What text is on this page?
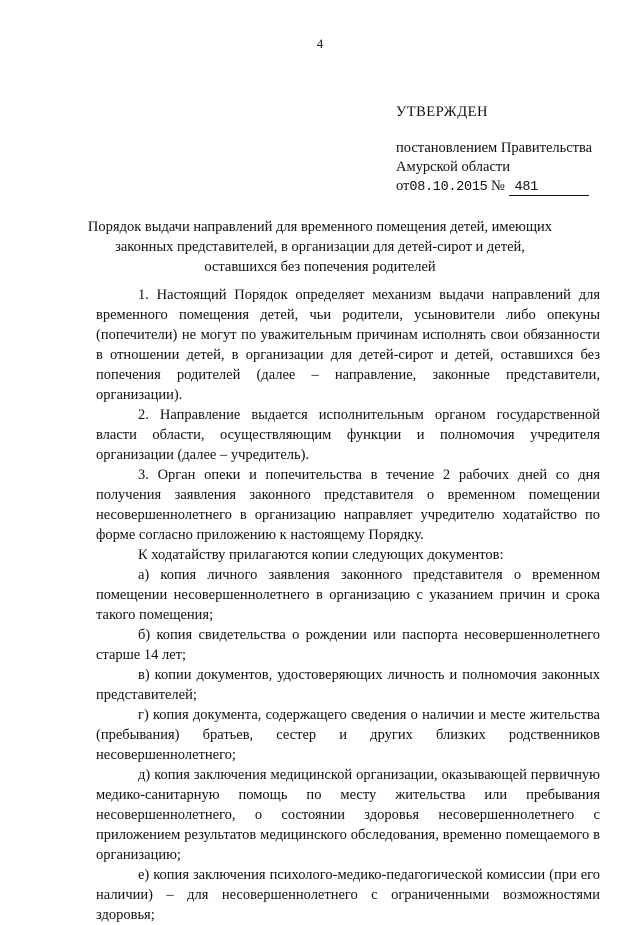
4
УТВЕРЖДЕН
постановлением Правительства
Амурской области
от08.10.2015 № 481
Порядок выдачи направлений для временного помещения детей, имеющих законных представителей, в организации для детей-сирот и детей, оставшихся без попечения родителей

1. Настоящий Порядок определяет механизм выдачи направлений для временного помещения детей, чьи родители, усыновители либо опекуны (попечители) не могут по уважительным причинам исполнять свои обязанности в отношении детей, в организации для детей-сирот и детей, оставшихся без попечения родителей (далее – направление, законные представители, организации).

2. Направление выдается исполнительным органом государственной власти области, осуществляющим функции и полномочия учредителя организации (далее – учредитель).

3. Орган опеки и попечительства в течение 2 рабочих дней со дня получения заявления законного представителя о временном помещении несовершеннолетнего в организацию направляет учредителю ходатайство по форме согласно приложению к настоящему Порядку.

К ходатайству прилагаются копии следующих документов:

а) копия личного заявления законного представителя о временном помещении несовершеннолетнего в организацию с указанием причин и срока такого помещения;

б) копия свидетельства о рождении или паспорта несовершеннолетнего старше 14 лет;

в) копии документов, удостоверяющих личность и полномочия законных представителей;

г) копия документа, содержащего сведения о наличии и месте жительства (пребывания) братьев, сестер и других близких родственников несовершеннолетнего;

д) копия заключения медицинской организации, оказывающей первичную медико-санитарную помощь по месту жительства или пребывания несовершеннолетнего, о состоянии здоровья несовершеннолетнего с приложением результатов медицинского обследования, временно помещаемого в организацию;

е) копия заключения психолого-медико-педагогической комиссии (при его наличии) – для несовершеннолетнего с ограниченными возможностями здоровья;
